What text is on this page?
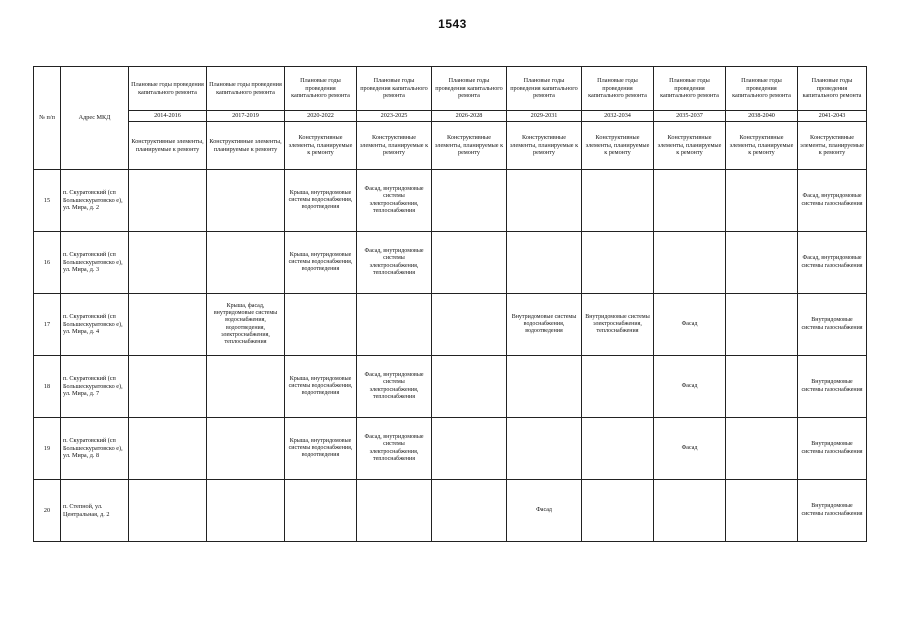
1543
№ п/п	Адрес МКД	Плановые годы проведения капитального ремонта	Плановые годы проведения капитального ремонта	Плановые годы проведения капитального ремонта	Плановые годы проведения капитального ремонта	Плановые годы проведения капитального ремонта	Плановые годы проведения капитального ремонта	Плановые годы проведения капитального ремонта	Плановые годы проведения капитального ремонта	Плановые годы проведения капитального ремонта	Плановые годы проведения капитального ремонта
		2014-2016	2017-2019	2020-2022	2023-2025	2026-2028	2029-2031	2032-2034	2035-2037	2038-2040	2041-2043
		Конструктивные элементы, планируемые к ремонту	Конструктивные элементы, планируемые к ремонту	Конструктивные элементы, планируемые к ремонту	Конструктивные элементы, планируемые к ремонту	Конструктивные элементы, планируемые к ремонту	Конструктивные элементы, планируемые к ремонту	Конструктивные элементы, планируемые к ремонту	Конструктивные элементы, планируемые к ремонту	Конструктивные элементы, планируемые к ремонту	Конструктивные элементы, планируемые к ремонту
15	п. Скуратовский (сп Большескуратовско е), ул. Мира, д. 2			Крыша, внутридомовые системы водоснабжения, водоотведения	Фасад, внутридомовые системы электроснабжения, теплоснабжения						Фасад, внутридомовые системы газоснабжения
16	п. Скуратовский (сп Большескуратовско е), ул. Мира, д. 3			Крыша, внутридомовые системы водоснабжения, водоотведения	Фасад, внутридомовые системы электроснабжения, теплоснабжения						Фасад, внутридомовые системы газоснабжения
17	п. Скуратовский (сп Большескуратовско е), ул. Мира, д. 4		Крыша, фасад, внутридомовые системы водоснабжения, водоотведения, электроснабжения, теплоснабжения				Внутридомовые системы водоснабжения, водоотведения	Внутридомовые системы электроснабжения, теплоснабжения	Фасад		Внутридомовые системы газоснабжения
18	п. Скуратовский (сп Большескуратовско е), ул. Мира, д. 7			Крыша, внутридомовые системы водоснабжения, водоотведения	Фасад, внутридомовые системы электроснабжения, теплоснабжения				Фасад		Внутридомовые системы газоснабжения
19	п. Скуратовский (сп Большескуратовско е), ул. Мира, д. 8			Крыша, внутридомовые системы водоснабжения, водоотведения	Фасад, внутридомовые системы электроснабжения, теплоснабжения				Фасад		Внутридомовые системы газоснабжения
20	п. Степной, ул. Центральная, д. 2						Фасад				Внутридомовые системы газоснабжения
